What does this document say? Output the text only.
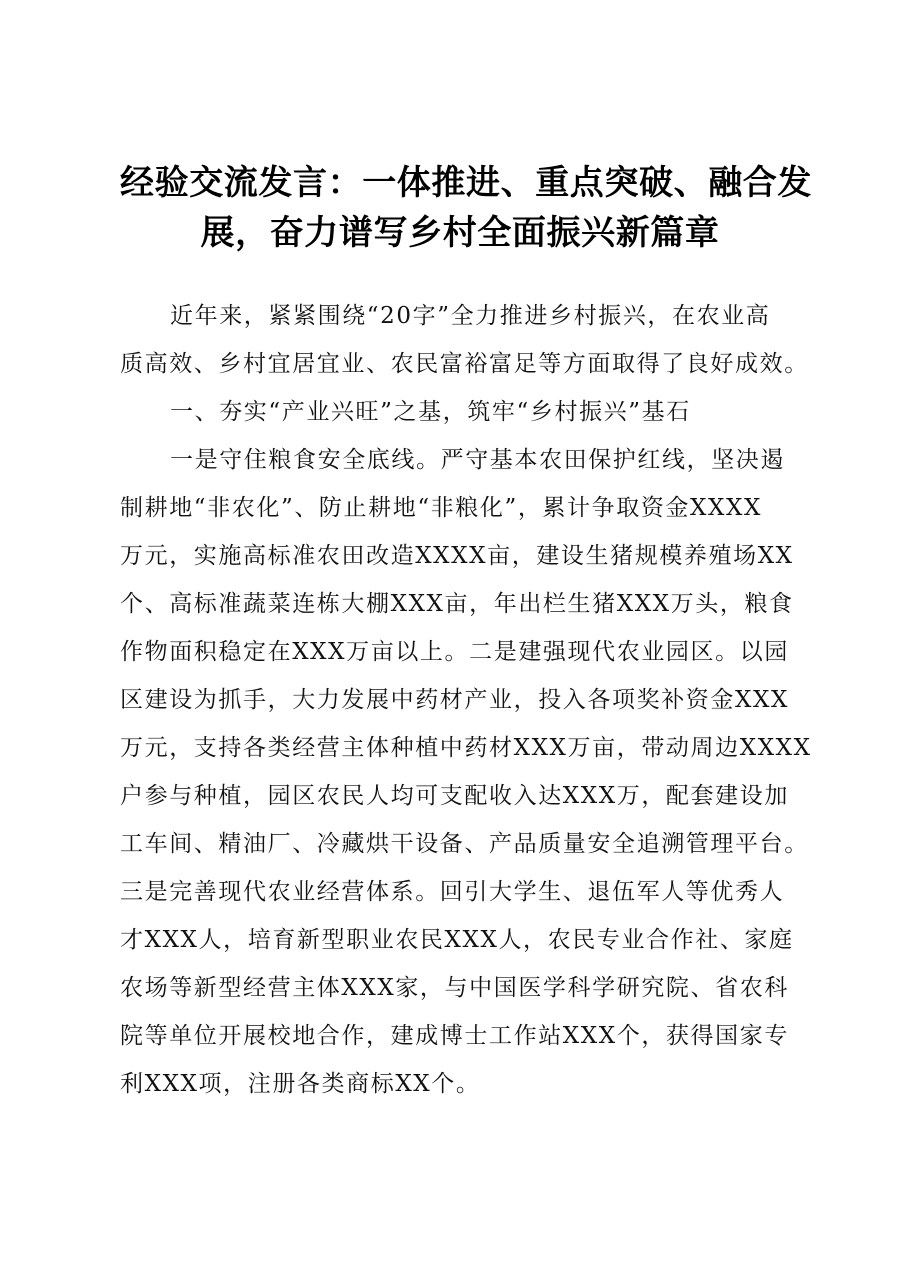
经验交流发言：一体推进、重点突破、融合发
展，奋力谱写乡村全面振兴新篇章
近年来，紧紧围绕“20字”全力推进乡村振兴，在农业高
质高效、乡村宜居宜业、农民富裕富足等方面取得了良好成效。
一、夯实“产业兴旺”之基，筑牢“乡村振兴”基石
一是守住粮食安全底线。严守基本农田保护红线，坚决遏
制耕地“非农化”、防止耕地“非粮化”，累计争取资金XXXX
万元，实施高标准农田改造XXXX亩，建设生猪规模养殖场XX
个、高标准蔬菜连栋大棚XXX亩，年出栏生猪XXX万头，粮食
作物面积稳定在XXX万亩以上。二是建强现代农业园区。以园
区建设为抓手，大力发展中药材产业，投入各项奖补资金XXX
万元，支持各类经营主体种植中药材XXX万亩，带动周边XXXX
户参与种植，园区农民人均可支配收入达XXX万，配套建设加
工车间、精油厂、冷藏烘干设备、产品质量安全追溯管理平台。
三是完善现代农业经营体系。回引大学生、退伍军人等优秀人
才XXX人，培育新型职业农民XXX人，农民专业合作社、家庭
农场等新型经营主体XXX家，与中国医学科学研究院、省农科
院等单位开展校地合作，建成博士工作站XXX个，获得国家专
利XXX项，注册各类商标XX个。
